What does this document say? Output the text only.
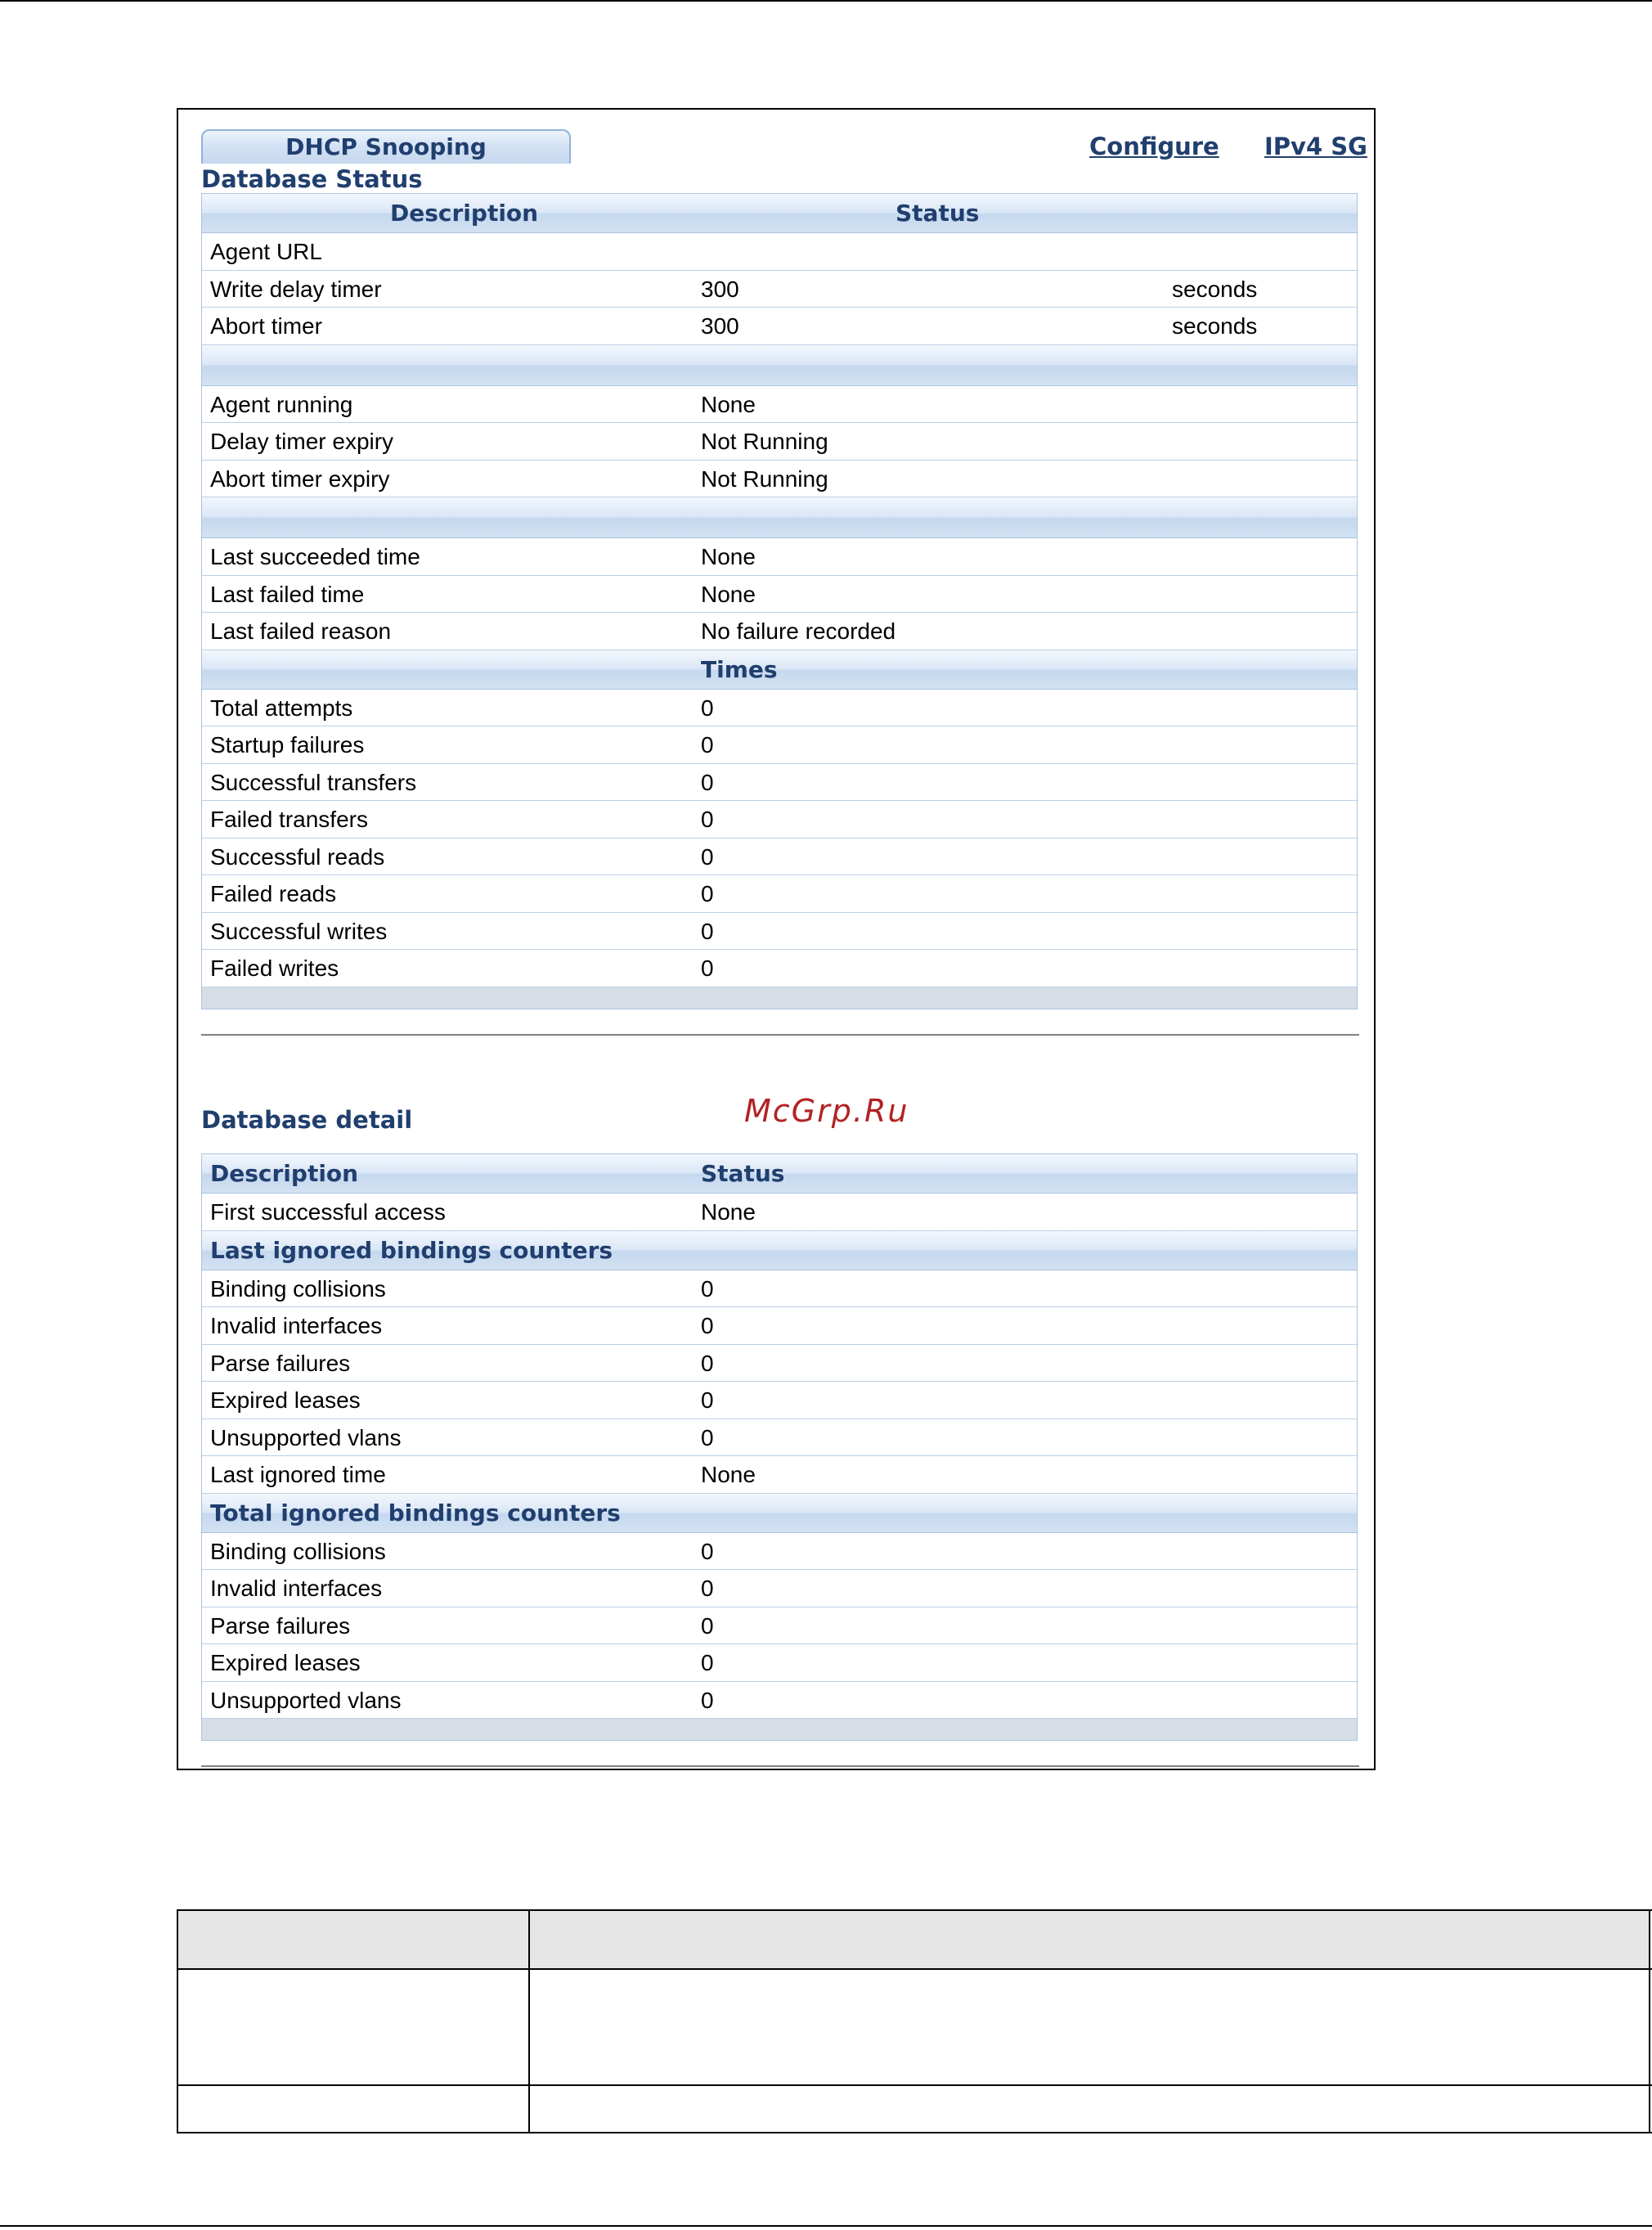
DHCP Snooping	Configure IPv4 SG
Database Status
Description	Status
Agent URL
Write delay timer	300	seconds
Abort timer	300	seconds
Agent running	None
Delay timer expiry	Not Running
Abort timer expiry	Not Running
Last succeeded time	None
Last failed time	None
Last failed reason	No failure recorded
Times
Total attempts	0
Startup failures	0
Successful transfers	0
Failed transfers	0
Successful reads	0
Failed reads	0
Successful writes	0
Failed writes	0
Database detail	McGrp.Ru
Description	Status
First successful access	None
Last ignored bindings counters
Binding collisions	0
Invalid interfaces	0
Parse failures	0
Expired leases	0
Unsupported vlans	0
Last ignored time	None
Total ignored bindings counters
Binding collisions	0
Invalid interfaces	0
Parse failures	0
Expired leases	0
Unsupported vlans	0
